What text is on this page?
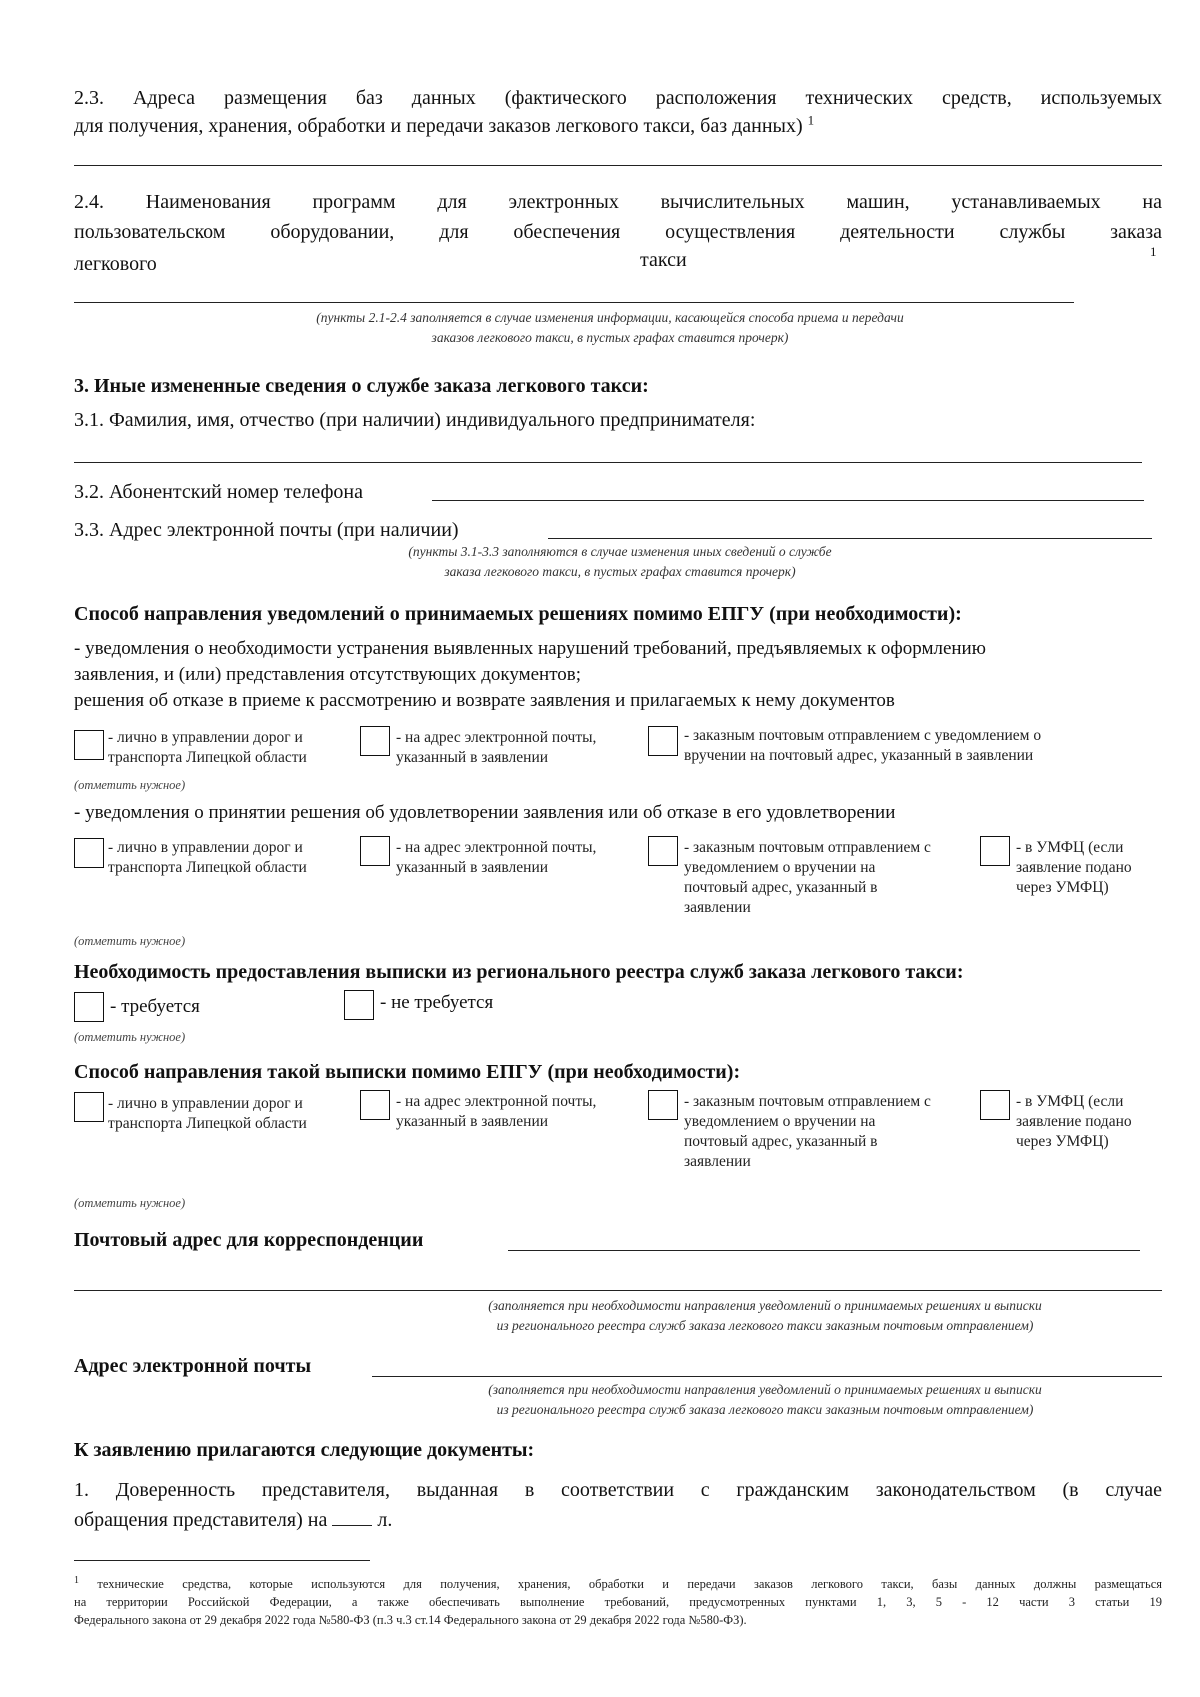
2.3. Адреса размещения баз данных (фактического расположения технических средств, используемых
для получения, хранения, обработки и передачи заказов легкового такси, баз данных) $^1$
2.4. Наименования программ для электронных вычислительных машин, устанавливаемых на
пользовательском оборудовании, для обеспечения осуществления деятельности службы заказа
легкового	такси	1
(пункты 2.1-2.4 заполняется в случае изменения информации, касающейся способа приема и передачи
заказов легкового такси, в пустых графах ставится прочерк)
3. Иные измененные сведения о службе заказа легкового такси:
3.1. Фамилия, имя, отчество (при наличии) индивидуального предпринимателя:
3.2. Абонентский номер телефона
3.3. Адрес электронной почты (при наличии)
(пункты 3.1-3.3 заполняются в случае изменения иных сведений о службе
заказа легкового такси, в пустых графах ставится прочерк)
Способ направления уведомлений о принимаемых решениях помимо ЕПГУ (при необходимости):
- уведомления о необходимости устранения выявленных нарушений требований, предъявляемых к оформлению
заявления, и (или) представления отсутствующих документов;
решения об отказе в приеме к рассмотрению и возврате заявления и прилагаемых к нему документов
- лично в управлении дорог и
транспорта Липецкой области
- на адрес электронной почты,
указанный в заявлении
- заказным почтовым отправлением с уведомлением о
вручении на почтовый адрес, указанный в заявлении
(отметить нужное)
- уведомления о принятии решения об удовлетворении заявления или об отказе в его удовлетворении
- лично в управлении дорог и
транспорта Липецкой области
- на адрес электронной почты,
указанный в заявлении
- заказным почтовым отправлением с
уведомлением о вручении на
почтовый адрес, указанный в
заявлении
- в УМФЦ (если
заявление подано
через УМФЦ)
(отметить нужное)
Необходимость предоставления выписки из регионального реестра служб заказа легкового такси:
- требуется	- не требуется
(отметить нужное)
Способ направления такой выписки помимо ЕПГУ (при необходимости):
- лично в управлении дорог и
транспорта Липецкой области
- на адрес электронной почты,
указанный в заявлении
- заказным почтовым отправлением с
уведомлением о вручении на
почтовый адрес, указанный в
заявлении
- в УМФЦ (если
заявление подано
через УМФЦ)
(отметить нужное)
Почтовый адрес для корреспонденции
(заполняется при необходимости направления уведомлений о принимаемых решениях и выписки
из регионального реестра служб заказа легкового такси заказным почтовым отправлением)
Адрес электронной почты
(заполняется при необходимости направления уведомлений о принимаемых решениях и выписки
из регионального реестра служб заказа легкового такси заказным почтовым отправлением)
К заявлению прилагаются следующие документы:
1. Доверенность представителя, выданная в соответствии с гражданским законодательством (в случае
обращения представителя) на	л.
$^1$ технические средства, которые используются для получения, хранения, обработки и передачи заказов легкового такси, базы данных должны размещаться
на территории Российской Федерации, а также обеспечивать выполнение требований, предусмотренных пунктами 1, 3, 5 - 12 части 3 статьи 19
Федерального закона от 29 декабря 2022 года №580-ФЗ (п.3 ч.3 ст.14 Федерального закона от 29 декабря 2022 года №580-ФЗ).
